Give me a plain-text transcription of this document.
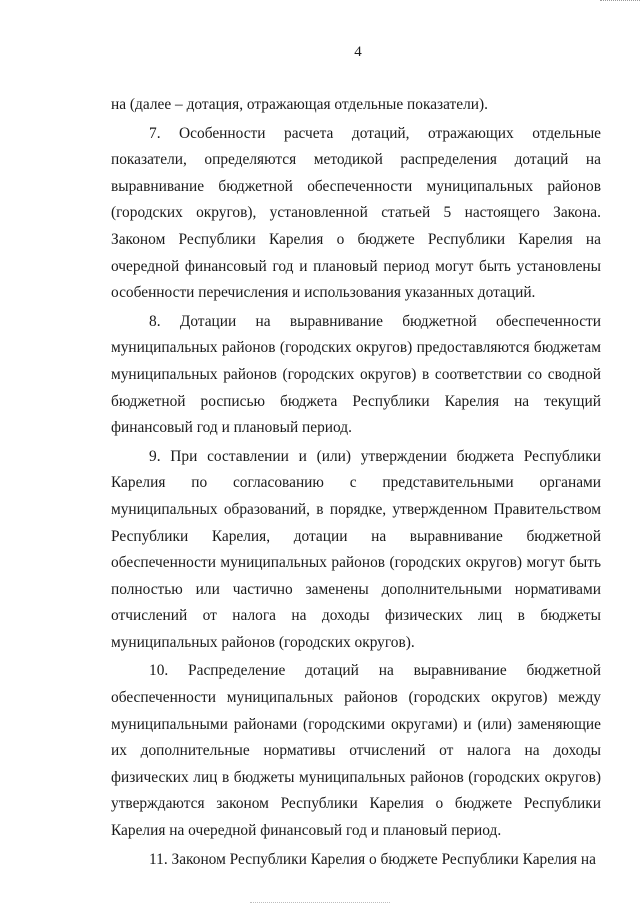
4

на (далее – дотация, отражающая отдельные показатели).

7. Особенности расчета дотаций, отражающих отдельные показатели, определяются методикой распределения дотаций на выравнивание бюджетной обеспеченности муниципальных районов (городских округов), установленной статьей 5 настоящего Закона. Законом Республики Карелия о бюджете Республики Карелия на очередной финансовый год и плановый период могут быть установлены особенности перечисления и использования указанных дотаций.

8. Дотации на выравнивание бюджетной обеспеченности муниципальных районов (городских округов) предоставляются бюджетам муниципальных районов (городских округов) в соответствии со сводной бюджетной росписью бюджета Республики Карелия на текущий финансовый год и плановый период.

9. При составлении и (или) утверждении бюджета Республики Карелия по согласованию с представительными органами муниципальных образований, в порядке, утвержденном Правительством Республики Карелия, дотации на выравнивание бюджетной обеспеченности муниципальных районов (городских округов) могут быть полностью или частично заменены дополнительными нормативами отчислений от налога на доходы физических лиц в бюджеты муниципальных районов (городских округов).

10. Распределение дотаций на выравнивание бюджетной обеспеченности муниципальных районов (городских округов) между муниципальными районами (городскими округами) и (или) заменяющие их дополнительные нормативы отчислений от налога на доходы физических лиц в бюджеты муниципальных районов (городских округов) утверждаются законом Республики Карелия о бюджете Республики Карелия на очередной финансовый год и плановый период.

11. Законом Республики Карелия о бюджете Республики Карелия на
